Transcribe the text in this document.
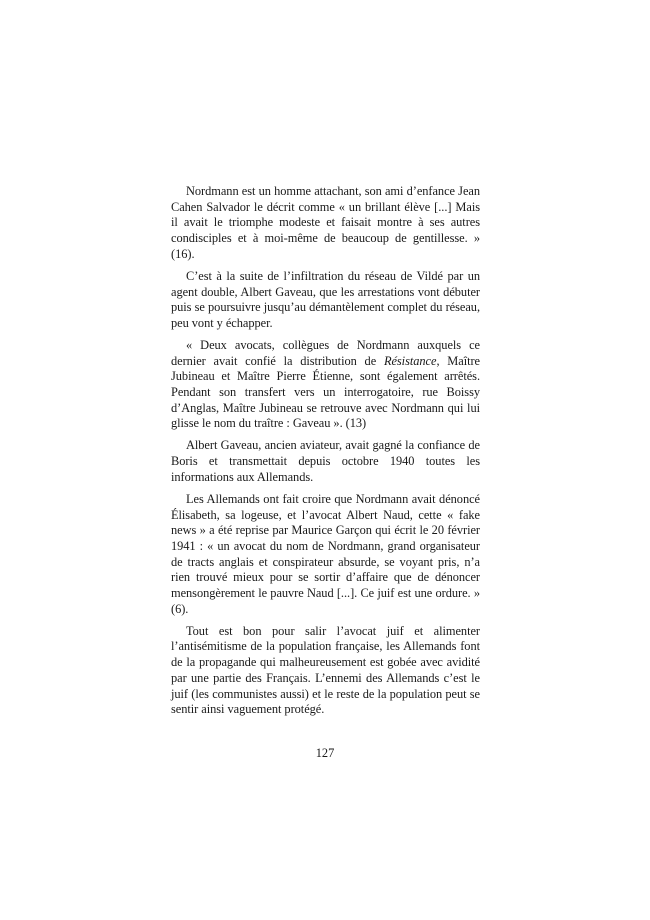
Nordmann est un homme attachant, son ami d’enfance Jean Cahen Salvador le décrit comme « un brillant élève [...] Mais il avait le triomphe modeste et faisait montre à ses autres condisciples et à moi-même de beaucoup de gentillesse. » (16).

C’est à la suite de l’infiltration du réseau de Vildé par un agent double, Albert Gaveau, que les arrestations vont débuter puis se poursuivre jusqu’au démantèlement complet du réseau, peu vont y échapper.

« Deux avocats, collègues de Nordmann auxquels ce dernier avait confié la distribution de Résistance, Maître Jubineau et Maître Pierre Étienne, sont également arrêtés. Pendant son transfert vers un interrogatoire, rue Boissy d’Anglas, Maître Jubineau se retrouve avec Nordmann qui lui glisse le nom du traître : Gaveau ». (13)

Albert Gaveau, ancien aviateur, avait gagné la confiance de Boris et transmettait depuis octobre 1940 toutes les informations aux Allemands.

Les Allemands ont fait croire que Nordmann avait dénoncé Élisabeth, sa logeuse, et l’avocat Albert Naud, cette « fake news » a été reprise par Maurice Garçon qui écrit le 20 février 1941 : « un avocat du nom de Nordmann, grand organisateur de tracts anglais et conspirateur absurde, se voyant pris, n’a rien trouvé mieux pour se sortir d’affaire que de dénoncer mensongèrement le pauvre Naud [...]. Ce juif est une ordure. » (6).

Tout est bon pour salir l’avocat juif et alimenter l’antisémitisme de la population française, les Allemands font de la propagande qui malheureusement est gobée avec avidité par une partie des Français. L’ennemi des Allemands c’est le juif (les communistes aussi) et le reste de la population peut se sentir ainsi vaguement protégé.

127
